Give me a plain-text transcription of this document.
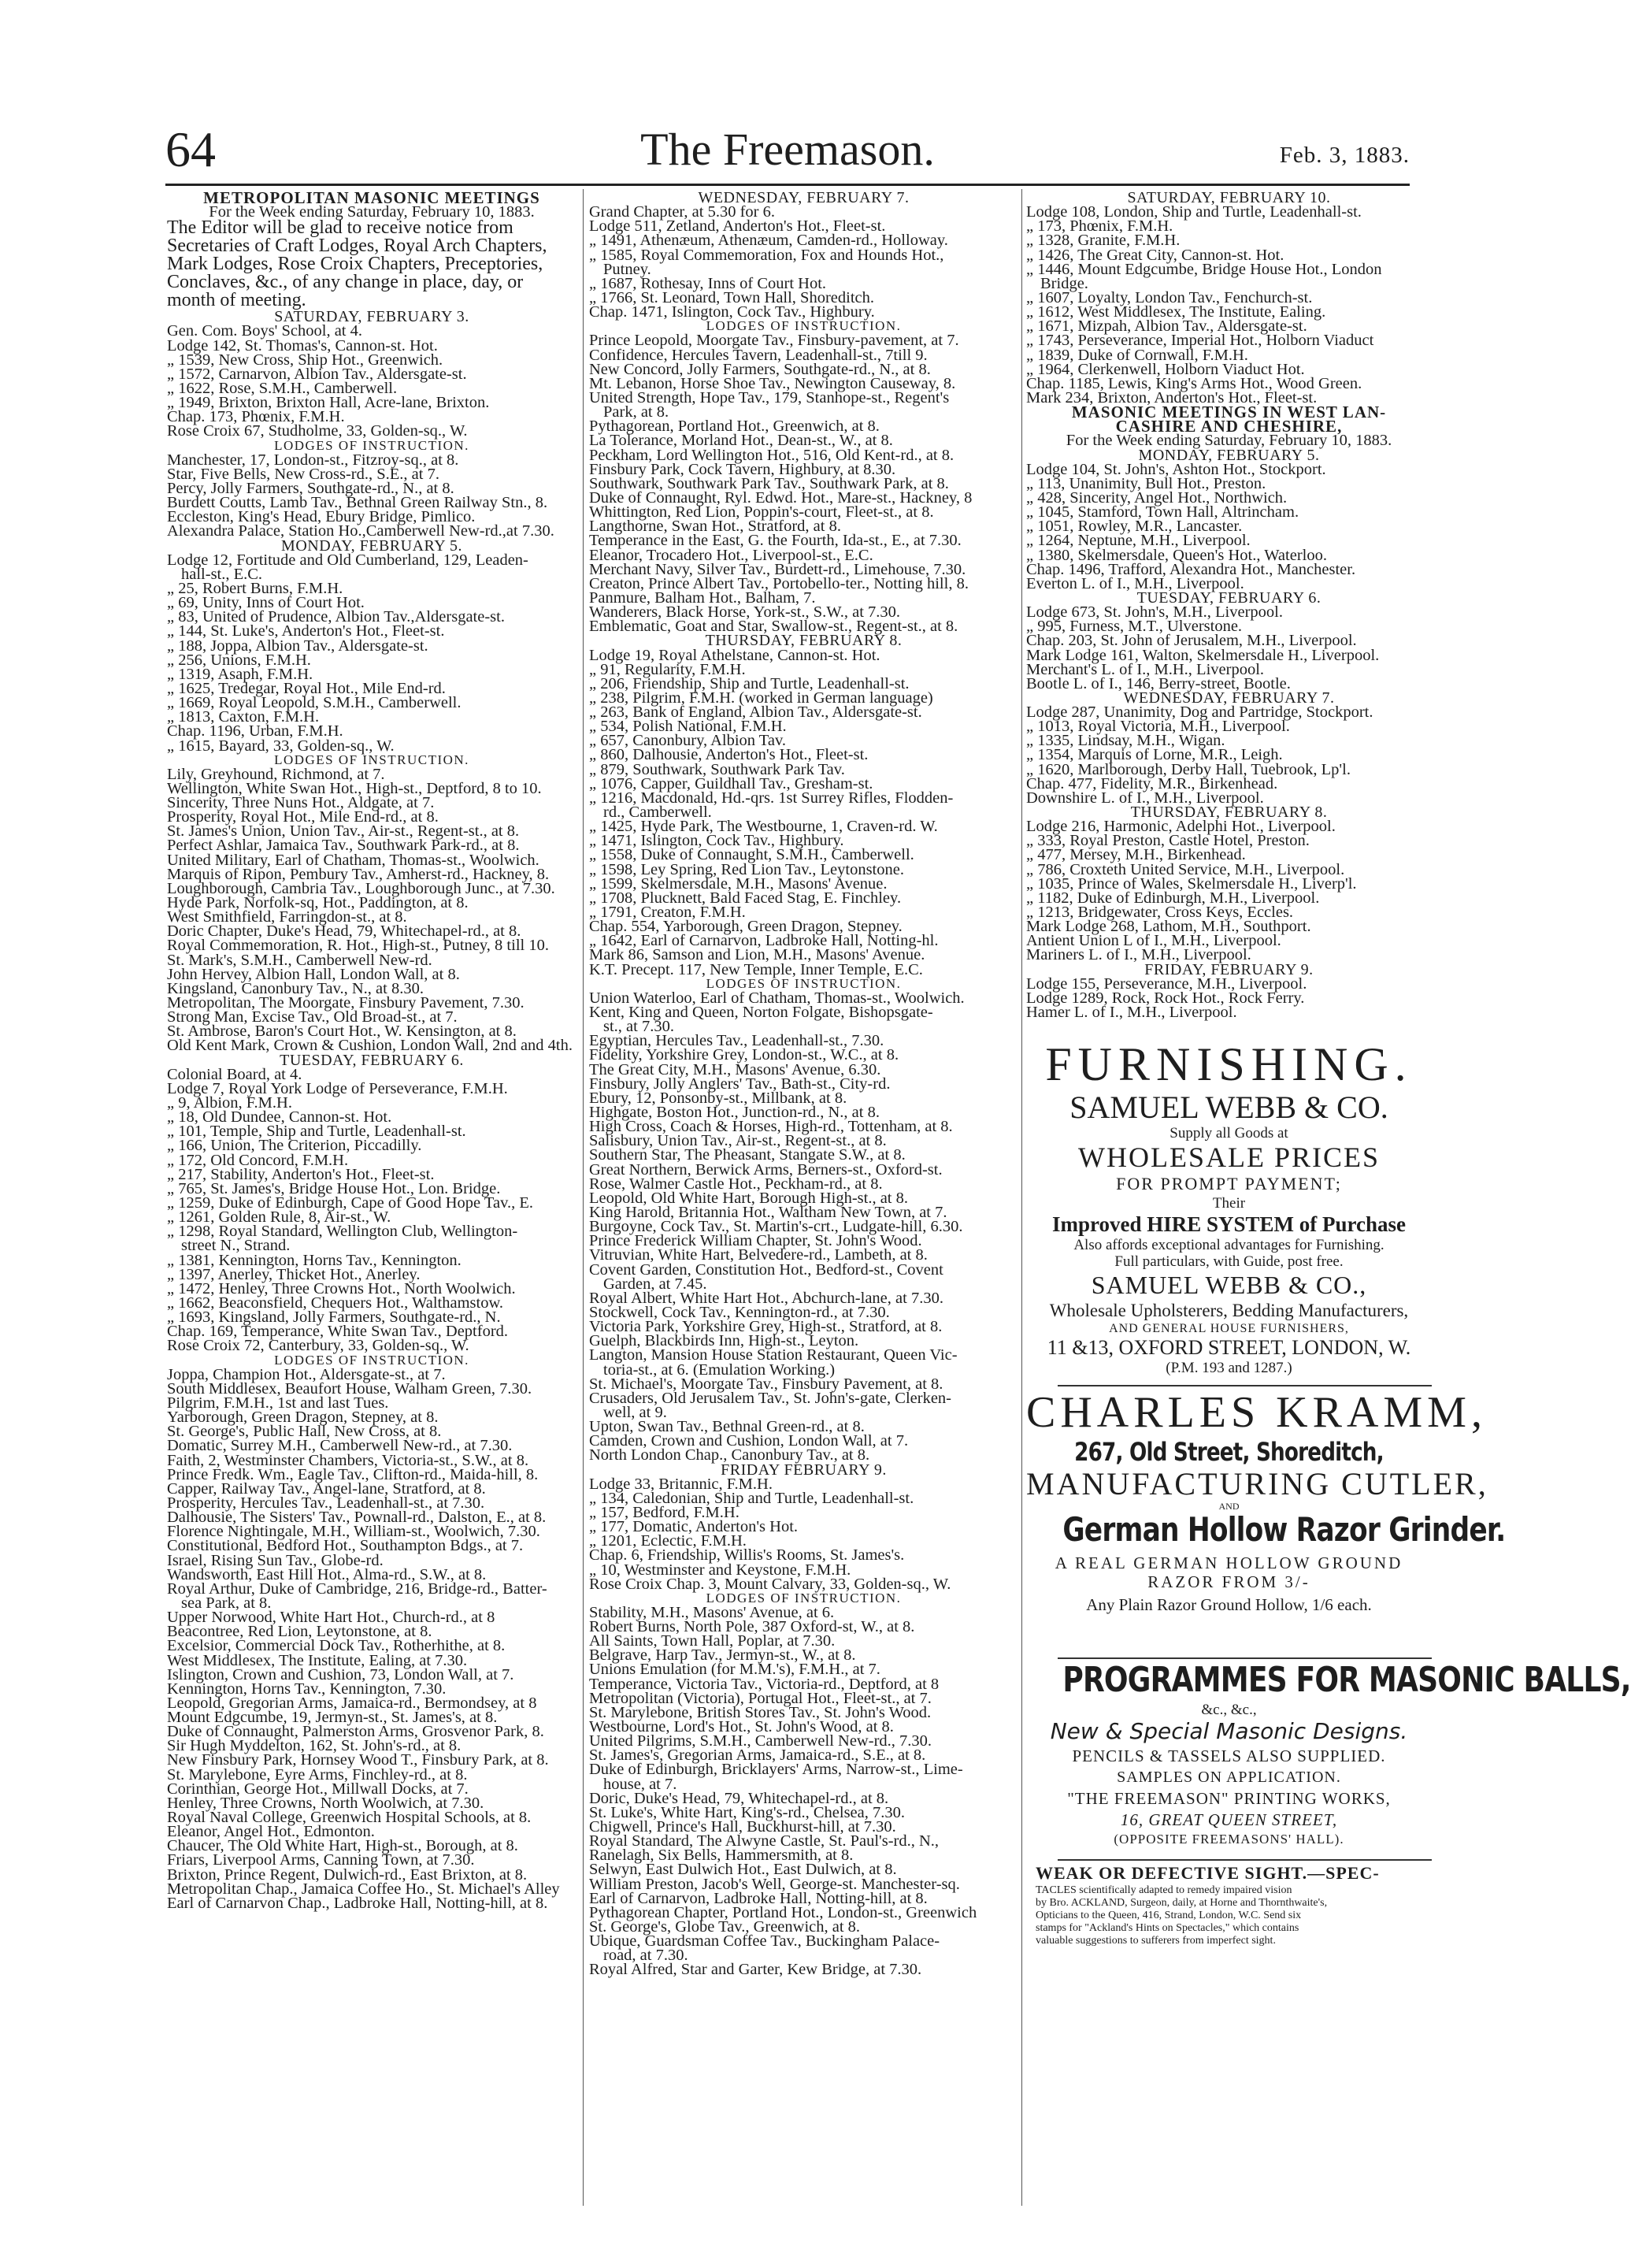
64	The Freemason.	Feb. 3, 1883.
METROPOLITAN MASONIC MEETINGS
For the Week ending Saturday, February 10, 1883.
The Editor will be glad to receive notice from
Secretaries of Craft Lodges, Royal Arch Chapters,
Mark Lodges, Rose Croix Chapters, Preceptories,
Conclaves, &c., of any change in place, day, or
month of meeting.
SATURDAY, FEBRUARY 3.
Gen. Com. Boys' School, at 4.
Lodge 142, St. Thomas's, Cannon-st. Hot.
„ 1539, New Cross, Ship Hot., Greenwich.
„ 1572, Carnarvon, Albion Tav., Aldersgate-st.
„ 1622, Rose, S.M.H., Camberwell.
„ 1949, Brixton, Brixton Hall, Acre-lane, Brixton.
Chap. 173, Phœnix, F.M.H.
Rose Croix 67, Studholme, 33, Golden-sq., W.
LODGES OF INSTRUCTION.
Manchester, 17, London-st., Fitzroy-sq., at 8.
Star, Five Bells, New Cross-rd., S.E., at 7.
Percy, Jolly Farmers, Southgate-rd., N., at 8.
Burdett Coutts, Lamb Tav., Bethnal Green Railway Stn., 8.
Eccleston, King's Head, Ebury Bridge, Pimlico.
Alexandra Palace, Station Ho.,Camberwell New-rd.,at 7.30.
MONDAY, FEBRUARY 5.
Lodge 12, Fortitude and Old Cumberland, 129, Leaden-
hall-st., E.C.
„ 25, Robert Burns, F.M.H.
„ 69, Unity, Inns of Court Hot.
„ 83, United of Prudence, Albion Tav.,Aldersgate-st.
„ 144, St. Luke's, Anderton's Hot., Fleet-st.
„ 188, Joppa, Albion Tav., Aldersgate-st.
„ 256, Unions, F.M.H.
„ 1319, Asaph, F.M.H.
„ 1625, Tredegar, Royal Hot., Mile End-rd.
„ 1669, Royal Leopold, S.M.H., Camberwell.
„ 1813, Caxton, F.M.H.
Chap. 1196, Urban, F.M.H.
„ 1615, Bayard, 33, Golden-sq., W.
LODGES OF INSTRUCTION.
Lily, Greyhound, Richmond, at 7.
Wellington, White Swan Hot., High-st., Deptford, 8 to 10.
Sincerity, Three Nuns Hot., Aldgate, at 7.
Prosperity, Royal Hot., Mile End-rd., at 8.
St. James's Union, Union Tav., Air-st., Regent-st., at 8.
Perfect Ashlar, Jamaica Tav., Southwark Park-rd., at 8.
United Military, Earl of Chatham, Thomas-st., Woolwich.
Marquis of Ripon, Pembury Tav., Amherst-rd., Hackney, 8.
Loughborough, Cambria Tav., Loughborough Junc., at 7.30.
Hyde Park, Norfolk-sq, Hot., Paddington, at 8.
West Smithfield, Farringdon-st., at 8.
Doric Chapter, Duke's Head, 79, Whitechapel-rd., at 8.
Royal Commemoration, R. Hot., High-st., Putney, 8 till 10.
St. Mark's, S.M.H., Camberwell New-rd.
John Hervey, Albion Hall, London Wall, at 8.
Kingsland, Canonbury Tav., N., at 8.30.
Metropolitan, The Moorgate, Finsbury Pavement, 7.30.
Strong Man, Excise Tav., Old Broad-st., at 7.
St. Ambrose, Baron's Court Hot., W. Kensington, at 8.
Old Kent Mark, Crown & Cushion, London Wall, 2nd and 4th.
TUESDAY, FEBRUARY 6.
Colonial Board, at 4.
Lodge 7, Royal York Lodge of Perseverance, F.M.H.
„ 9, Albion, F.M.H.
„ 18, Old Dundee, Cannon-st. Hot.
„ 101, Temple, Ship and Turtle, Leadenhall-st.
„ 166, Union, The Criterion, Piccadilly.
„ 172, Old Concord, F.M.H.
„ 217, Stability, Anderton's Hot., Fleet-st.
„ 765, St. James's, Bridge House Hot., Lon. Bridge.
„ 1259, Duke of Edinburgh, Cape of Good Hope Tav., E.
„ 1261, Golden Rule, 8, Air-st., W.
„ 1298, Royal Standard, Wellington Club, Wellington-
street N., Strand.
„ 1381, Kennington, Horns Tav., Kennington.
„ 1397, Anerley, Thicket Hot., Anerley.
„ 1472, Henley, Three Crowns Hot., North Woolwich.
„ 1662, Beaconsfield, Chequers Hot., Walthamstow.
„ 1693, Kingsland, Jolly Farmers, Southgate-rd., N.
Chap. 169, Temperance, White Swan Tav., Deptford.
Rose Croix 72, Canterbury, 33, Golden-sq., W.
LODGES OF INSTRUCTION.
Joppa, Champion Hot., Aldersgate-st., at 7.
South Middlesex, Beaufort House, Walham Green, 7.30.
Pilgrim, F.M.H., 1st and last Tues.
Yarborough, Green Dragon, Stepney, at 8.
St. George's, Public Hall, New Cross, at 8.
Domatic, Surrey M.H., Camberwell New-rd., at 7.30.
Faith, 2, Westminster Chambers, Victoria-st., S.W., at 8.
Prince Fredk. Wm., Eagle Tav., Clifton-rd., Maida-hill, 8.
Capper, Railway Tav., Angel-lane, Stratford, at 8.
Prosperity, Hercules Tav., Leadenhall-st., at 7.30.
Dalhousie, The Sisters' Tav., Pownall-rd., Dalston, E., at 8.
Florence Nightingale, M.H., William-st., Woolwich, 7.30.
Constitutional, Bedford Hot., Southampton Bdgs., at 7.
Israel, Rising Sun Tav., Globe-rd.
Wandsworth, East Hill Hot., Alma-rd., S.W., at 8.
Royal Arthur, Duke of Cambridge, 216, Bridge-rd., Batter-
sea Park, at 8.
Upper Norwood, White Hart Hot., Church-rd., at 8
Beacontree, Red Lion, Leytonstone, at 8.
Excelsior, Commercial Dock Tav., Rotherhithe, at 8.
West Middlesex, The Institute, Ealing, at 7.30.
Islington, Crown and Cushion, 73, London Wall, at 7.
Kennington, Horns Tav., Kennington, 7.30.
Leopold, Gregorian Arms, Jamaica-rd., Bermondsey, at 8
Mount Edgcumbe, 19, Jermyn-st., St. James's, at 8.
Duke of Connaught, Palmerston Arms, Grosvenor Park, 8.
Sir Hugh Myddelton, 162, St. John's-rd., at 8.
New Finsbury Park, Hornsey Wood T., Finsbury Park, at 8.
St. Marylebone, Eyre Arms, Finchley-rd., at 8.
Corinthian, George Hot., Millwall Docks, at 7.
Henley, Three Crowns, North Woolwich, at 7.30.
Royal Naval College, Greenwich Hospital Schools, at 8.
Eleanor, Angel Hot., Edmonton.
Chaucer, The Old White Hart, High-st., Borough, at 8.
Friars, Liverpool Arms, Canning Town, at 7.30.
Brixton, Prince Regent, Dulwich-rd., East Brixton, at 8.
Metropolitan Chap., Jamaica Coffee Ho., St. Michael's Alley
Earl of Carnarvon Chap., Ladbroke Hall, Notting-hill, at 8.
WEDNESDAY, FEBRUARY 7.
Grand Chapter, at 5.30 for 6.
Lodge 511, Zetland, Anderton's Hot., Fleet-st.
„ 1491, Athenæum, Athenæum, Camden-rd., Holloway.
„ 1585, Royal Commemoration, Fox and Hounds Hot.,
Putney.
„ 1687, Rothesay, Inns of Court Hot.
„ 1766, St. Leonard, Town Hall, Shoreditch.
Chap. 1471, Islington, Cock Tav., Highbury.
LODGES OF INSTRUCTION.
Prince Leopold, Moorgate Tav., Finsbury-pavement, at 7.
Confidence, Hercules Tavern, Leadenhall-st., 7till 9.
New Concord, Jolly Farmers, Southgate-rd., N., at 8.
Mt. Lebanon, Horse Shoe Tav., Newington Causeway, 8.
United Strength, Hope Tav., 179, Stanhope-st., Regent's
Park, at 8.
Pythagorean, Portland Hot., Greenwich, at 8.
La Tolerance, Morland Hot., Dean-st., W., at 8.
Peckham, Lord Wellington Hot., 516, Old Kent-rd., at 8.
Finsbury Park, Cock Tavern, Highbury, at 8.30.
Southwark, Southwark Park Tav., Southwark Park, at 8.
Duke of Connaught, Ryl. Edwd. Hot., Mare-st., Hackney, 8
Whittington, Red Lion, Poppin's-court, Fleet-st., at 8.
Langthorne, Swan Hot., Stratford, at 8.
Temperance in the East, G. the Fourth, Ida-st., E., at 7.30.
Eleanor, Trocadero Hot., Liverpool-st., E.C.
Merchant Navy, Silver Tav., Burdett-rd., Limehouse, 7.30.
Creaton, Prince Albert Tav., Portobello-ter., Notting hill, 8.
Panmure, Balham Hot., Balham, 7.
Wanderers, Black Horse, York-st., S.W., at 7.30.
Emblematic, Goat and Star, Swallow-st., Regent-st., at 8.
THURSDAY, FEBRUARY 8.
Lodge 19, Royal Athelstane, Cannon-st. Hot.
„ 91, Regularity, F.M.H.
„ 206, Friendship, Ship and Turtle, Leadenhall-st.
„ 238, Pilgrim, F.M.H. (worked in German language)
„ 263, Bank of England, Albion Tav., Aldersgate-st.
„ 534, Polish National, F.M.H.
„ 657, Canonbury, Albion Tav.
„ 860, Dalhousie, Anderton's Hot., Fleet-st.
„ 879, Southwark, Southwark Park Tav.
„ 1076, Capper, Guildhall Tav., Gresham-st.
„ 1216, Macdonald, Hd.-qrs. 1st Surrey Rifles, Flodden-
rd., Camberwell.
„ 1425, Hyde Park, The Westbourne, 1, Craven-rd. W.
„ 1471, Islington, Cock Tav., Highbury.
„ 1558, Duke of Connaught, S.M.H., Camberwell.
„ 1598, Ley Spring, Red Lion Tav., Leytonstone.
„ 1599, Skelmersdale, M.H., Masons' Avenue.
„ 1708, Plucknett, Bald Faced Stag, E. Finchley.
„ 1791, Creaton, F.M.H.
Chap. 554, Yarborough, Green Dragon, Stepney.
„ 1642, Earl of Carnarvon, Ladbroke Hall, Notting-hl.
Mark 86, Samson and Lion, M.H., Masons' Avenue.
K.T. Precept. 117, New Temple, Inner Temple, E.C.
LODGES OF INSTRUCTION.
Union Waterloo, Earl of Chatham, Thomas-st., Woolwich.
Kent, King and Queen, Norton Folgate, Bishopsgate-
st., at 7.30.
Egyptian, Hercules Tav., Leadenhall-st., 7.30.
Fidelity, Yorkshire Grey, London-st., W.C., at 8.
The Great City, M.H., Masons' Avenue, 6.30.
Finsbury, Jolly Anglers' Tav., Bath-st., City-rd.
Ebury, 12, Ponsonby-st., Millbank, at 8.
Highgate, Boston Hot., Junction-rd., N., at 8.
High Cross, Coach & Horses, High-rd., Tottenham, at 8.
Salisbury, Union Tav., Air-st., Regent-st., at 8.
Southern Star, The Pheasant, Stangate S.W., at 8.
Great Northern, Berwick Arms, Berners-st., Oxford-st.
Rose, Walmer Castle Hot., Peckham-rd., at 8.
Leopold, Old White Hart, Borough High-st., at 8.
King Harold, Britannia Hot., Waltham New Town, at 7.
Burgoyne, Cock Tav., St. Martin's-crt., Ludgate-hill, 6.30.
Prince Frederick William Chapter, St. John's Wood.
Vitruvian, White Hart, Belvedere-rd., Lambeth, at 8.
Covent Garden, Constitution Hot., Bedford-st., Covent
Garden, at 7.45.
Royal Albert, White Hart Hot., Abchurch-lane, at 7.30.
Stockwell, Cock Tav., Kennington-rd., at 7.30.
Victoria Park, Yorkshire Grey, High-st., Stratford, at 8.
Guelph, Blackbirds Inn, High-st., Leyton.
Langton, Mansion House Station Restaurant, Queen Vic-
toria-st., at 6. (Emulation Working.)
St. Michael's, Moorgate Tav., Finsbury Pavement, at 8.
Crusaders, Old Jerusalem Tav., St. John's-gate, Clerken-
well, at 9.
Upton, Swan Tav., Bethnal Green-rd., at 8.
Camden, Crown and Cushion, London Wall, at 7.
North London Chap., Canonbury Tav., at 8.
FRIDAY FEBRUARY 9.
Lodge 33, Britannic, F.M.H.
„ 134, Caledonian, Ship and Turtle, Leadenhall-st.
„ 157, Bedford, F.M.H.
„ 177, Domatic, Anderton's Hot.
„ 1201, Eclectic, F.M.H.
Chap. 6, Friendship, Willis's Rooms, St. James's.
„ 10, Westminster and Keystone, F.M.H.
Rose Croix Chap. 3, Mount Calvary, 33, Golden-sq., W.
LODGES OF INSTRUCTION.
Stability, M.H., Masons' Avenue, at 6.
Robert Burns, North Pole, 387 Oxford-st, W., at 8.
All Saints, Town Hall, Poplar, at 7.30.
Belgrave, Harp Tav., Jermyn-st., W., at 8.
Unions Emulation (for M.M.'s), F.M.H., at 7.
Temperance, Victoria Tav., Victoria-rd., Deptford, at 8
Metropolitan (Victoria), Portugal Hot., Fleet-st., at 7.
St. Marylebone, British Stores Tav., St. John's Wood.
Westbourne, Lord's Hot., St. John's Wood, at 8.
United Pilgrims, S.M.H., Camberwell New-rd., 7.30.
St. James's, Gregorian Arms, Jamaica-rd., S.E., at 8.
Duke of Edinburgh, Bricklayers' Arms, Narrow-st., Lime-
house, at 7.
Doric, Duke's Head, 79, Whitechapel-rd., at 8.
St. Luke's, White Hart, King's-rd., Chelsea, 7.30.
Chigwell, Prince's Hall, Buckhurst-hill, at 7.30.
Royal Standard, The Alwyne Castle, St. Paul's-rd., N.,
Ranelagh, Six Bells, Hammersmith, at 8.
Selwyn, East Dulwich Hot., East Dulwich, at 8.
William Preston, Jacob's Well, George-st. Manchester-sq.
Earl of Carnarvon, Ladbroke Hall, Notting-hill, at 8.
Pythagorean Chapter, Portland Hot., London-st., Greenwich
St. George's, Globe Tav., Greenwich, at 8.
Ubique, Guardsman Coffee Tav., Buckingham Palace-
road, at 7.30.
Royal Alfred, Star and Garter, Kew Bridge, at 7.30.
SATURDAY, FEBRUARY 10.
Lodge 108, London, Ship and Turtle, Leadenhall-st.
„ 173, Phœnix, F.M.H.
„ 1328, Granite, F.M.H.
„ 1426, The Great City, Cannon-st. Hot.
„ 1446, Mount Edgcumbe, Bridge House Hot., London
Bridge.
„ 1607, Loyalty, London Tav., Fenchurch-st.
„ 1612, West Middlesex, The Institute, Ealing.
„ 1671, Mizpah, Albion Tav., Aldersgate-st.
„ 1743, Perseverance, Imperial Hot., Holborn Viaduct
„ 1839, Duke of Cornwall, F.M.H.
„ 1964, Clerkenwell, Holborn Viaduct Hot.
Chap. 1185, Lewis, King's Arms Hot., Wood Green.
Mark 234, Brixton, Anderton's Hot., Fleet-st.
MASONIC MEETINGS IN WEST LAN-
CASHIRE AND CHESHIRE,
For the Week ending Saturday, February 10, 1883.
MONDAY, FEBRUARY 5.
Lodge 104, St. John's, Ashton Hot., Stockport.
„ 113, Unanimity, Bull Hot., Preston.
„ 428, Sincerity, Angel Hot., Northwich.
„ 1045, Stamford, Town Hall, Altrincham.
„ 1051, Rowley, M.R., Lancaster.
„ 1264, Neptune, M.H., Liverpool.
„ 1380, Skelmersdale, Queen's Hot., Waterloo.
Chap. 1496, Trafford, Alexandra Hot., Manchester.
Everton L. of I., M.H., Liverpool.
TUESDAY, FEBRUARY 6.
Lodge 673, St. John's, M.H., Liverpool.
„ 995, Furness, M.T., Ulverstone.
Chap. 203, St. John of Jerusalem, M.H., Liverpool.
Mark Lodge 161, Walton, Skelmersdale H., Liverpool.
Merchant's L. of I., M.H., Liverpool.
Bootle L. of I., 146, Berry-street, Bootle.
WEDNESDAY, FEBRUARY 7.
Lodge 287, Unanimity, Dog and Partridge, Stockport.
„ 1013, Royal Victoria, M.H., Liverpool.
„ 1335, Lindsay, M.H., Wigan.
„ 1354, Marquis of Lorne, M.R., Leigh.
„ 1620, Marlborough, Derby Hall, Tuebrook, Lp'l.
Chap. 477, Fidelity, M.R., Birkenhead.
Downshire L. of I., M.H., Liverpool.
THURSDAY, FEBRUARY 8.
Lodge 216, Harmonic, Adelphi Hot., Liverpool.
„ 333, Royal Preston, Castle Hotel, Preston.
„ 477, Mersey, M.H., Birkenhead.
„ 786, Croxteth United Service, M.H., Liverpool.
„ 1035, Prince of Wales, Skelmersdale H., Liverp'l.
„ 1182, Duke of Edinburgh, M.H., Liverpool.
„ 1213, Bridgewater, Cross Keys, Eccles.
Mark Lodge 268, Lathom, M.H., Southport.
Antient Union L of I., M.H., Liverpool.
Mariners L. of I., M.H., Liverpool.
FRIDAY, FEBRUARY 9.
Lodge 155, Perseverance, M.H., Liverpool.
Lodge 1289, Rock, Rock Hot., Rock Ferry.
Hamer L. of I., M.H., Liverpool.
FURNISHING.
SAMUEL WEBB & CO.
Supply all Goods at
WHOLESALE PRICES
FOR PROMPT PAYMENT;
Their
Improved HIRE SYSTEM of Purchase
Also affords exceptional advantages for Furnishing.
Full particulars, with Guide, post free.
SAMUEL WEBB & CO.,
Wholesale Upholsterers, Bedding Manufacturers,
AND GENERAL HOUSE FURNISHERS,
11 &13, OXFORD STREET, LONDON, W.
(P.M. 193 and 1287.)
CHARLES KRAMM,
267, Old Street, Shoreditch,
MANUFACTURING CUTLER,
AND
German Hollow Razor Grinder.
A REAL GERMAN HOLLOW GROUND
RAZOR FROM 3/-
Any Plain Razor Ground Hollow, 1/6 each.
PROGRAMMES FOR MASONIC BALLS,
&c., &c.,
New & Special Masonic Designs.
PENCILS & TASSELS ALSO SUPPLIED.
SAMPLES ON APPLICATION.
"THE FREEMASON" PRINTING WORKS,
16, GREAT QUEEN STREET,
(OPPOSITE FREEMASONS' HALL).
WEAK OR DEFECTIVE SIGHT.—SPEC-
TACLES scientifically adapted to remedy impaired vision
by Bro. ACKLAND, Surgeon, daily, at Horne and Thornthwaite's,
Opticians to the Queen, 416, Strand, London, W.C. Send six
stamps for "Ackland's Hints on Spectacles," which contains
valuable suggestions to sufferers from imperfect sight.
